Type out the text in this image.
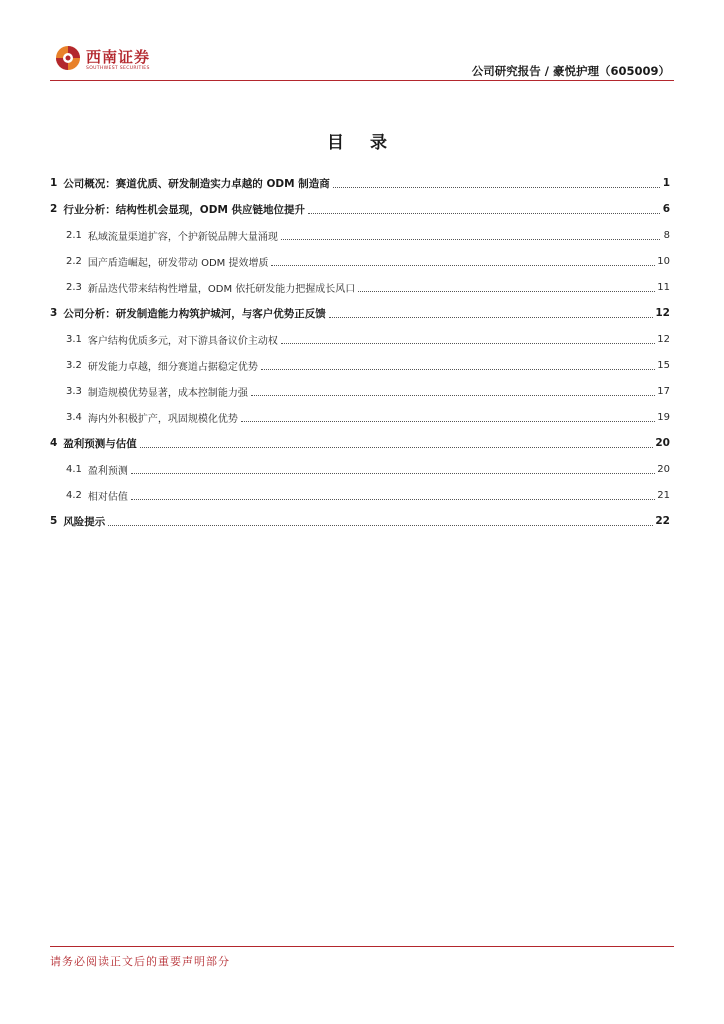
西南证券
SOUTHWEST SECURITIES	公司研究报告 / 豪悦护理（605009）
目 录
1 公司概况：赛道优质、研发制造实力卓越的 ODM 制造商	1
2 行业分析：结构性机会显现，ODM 供应链地位提升	6
2.1 私域流量渠道扩容，个护新锐品牌大量涌现	8
2.2 国产盾造崛起，研发带动 ODM 提效增质	10
2.3 新品迭代带来结构性增量，ODM 依托研发能力把握成长风口	11
3 公司分析：研发制造能力构筑护城河，与客户优势正反馈	12
3.1 客户结构优质多元，对下游具备议价主动权	12
3.2 研发能力卓越，细分赛道占据稳定优势	15
3.3 制造规模优势显著，成本控制能力强	17
3.4 海内外积极扩产，巩固规模化优势	19
4 盈利预测与估值	20
4.1 盈利预测	20
4.2 相对估值	21
5 风险提示	22
请务必阅读正文后的重要声明部分
